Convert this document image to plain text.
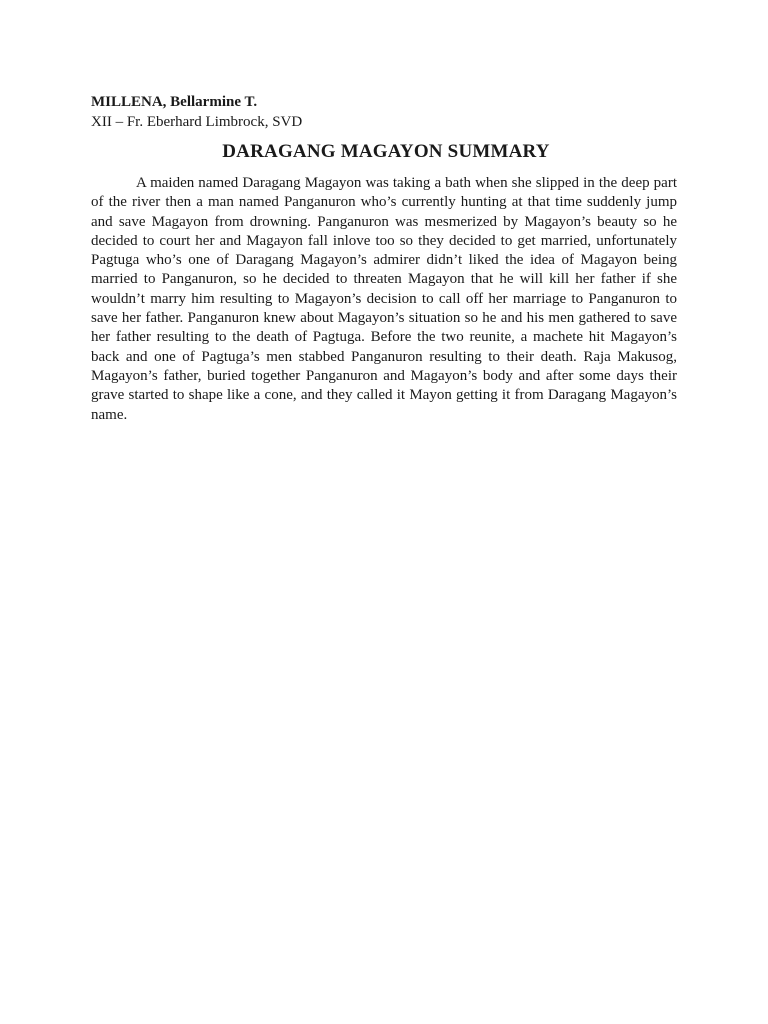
MILLENA, Bellarmine T.
XII – Fr. Eberhard Limbrock, SVD
DARAGANG MAGAYON SUMMARY

A maiden named Daragang Magayon was taking a bath when she slipped in the deep part of the river then a man named Panganuron who’s currently hunting at that time suddenly jump and save Magayon from drowning. Panganuron was mesmerized by Magayon’s beauty so he decided to court her and Magayon fall inlove too so they decided to get married, unfortunately Pagtuga who’s one of Daragang Magayon’s admirer didn’t liked the idea of Magayon being married to Panganuron, so he decided to threaten Magayon that he will kill her father if she wouldn’t marry him resulting to Magayon’s decision to call off her marriage to Panganuron to save her father. Panganuron knew about Magayon’s situation so he and his men gathered to save her father resulting to the death of Pagtuga. Before the two reunite, a machete hit Magayon’s back and one of Pagtuga’s men stabbed Panganuron resulting to their death. Raja Makusog, Magayon’s father, buried together Panganuron and Magayon’s body and after some days their grave started to shape like a cone, and they called it Mayon getting it from Daragang Magayon’s name.
